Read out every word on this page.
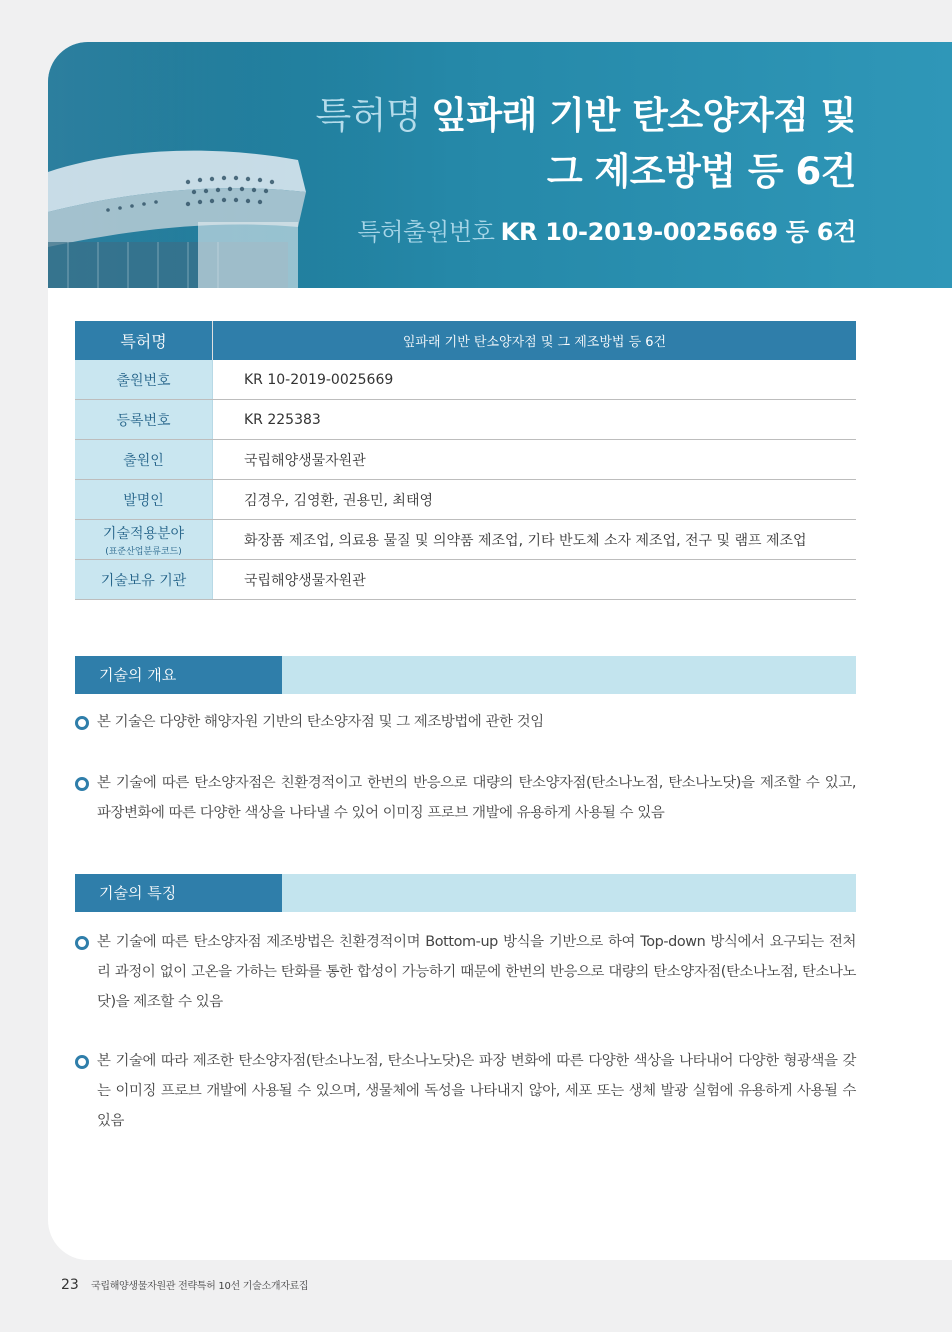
특허명 잎파래 기반 탄소양자점 및
그 제조방법 등 6건
특허출원번호 KR 10-2019-0025669 등 6건
특허명	잎파래 기반 탄소양자점 및 그 제조방법 등 6건
출원번호	KR 10-2019-0025669
등록번호	KR 225383
출원인	국립해양생물자원관
발명인	김경우, 김영환, 권용민, 최태영
기술적용분야
(표준산업분류코드)	화장품 제조업, 의료용 물질 및 의약품 제조업, 기타 반도체 소자 제조업, 전구 및 램프 제조업
기술보유 기관	국립해양생물자원관
기술의 개요
본 기술은 다양한 해양자원 기반의 탄소양자점 및 그 제조방법에 관한 것임
본 기술에 따른 탄소양자점은 친환경적이고 한번의 반응으로 대량의 탄소양자점(탄소나노점, 탄소나노닷)을 제조할 수 있고, 파장변화에 따른 다양한 색상을 나타낼 수 있어 이미징 프로브 개발에 유용하게 사용될 수 있음
기술의 특징
본 기술에 따른 탄소양자점 제조방법은 친환경적이며 Bottom-up 방식을 기반으로 하여 Top-down 방식에서 요구되는 전처리 과정이 없이 고온을 가하는 탄화를 통한 합성이 가능하기 때문에 한번의 반응으로 대량의 탄소양자점(탄소나노점, 탄소나노닷)을 제조할 수 있음
본 기술에 따라 제조한 탄소양자점(탄소나노점, 탄소나노닷)은 파장 변화에 따른 다양한 색상을 나타내어 다양한 형광색을 갖는 이미징 프로브 개발에 사용될 수 있으며, 생물체에 독성을 나타내지 않아, 세포 또는 생체 발광 실험에 유용하게 사용될 수 있음
23 국립해양생물자원관 전략특허 10선 기술소개자료집
